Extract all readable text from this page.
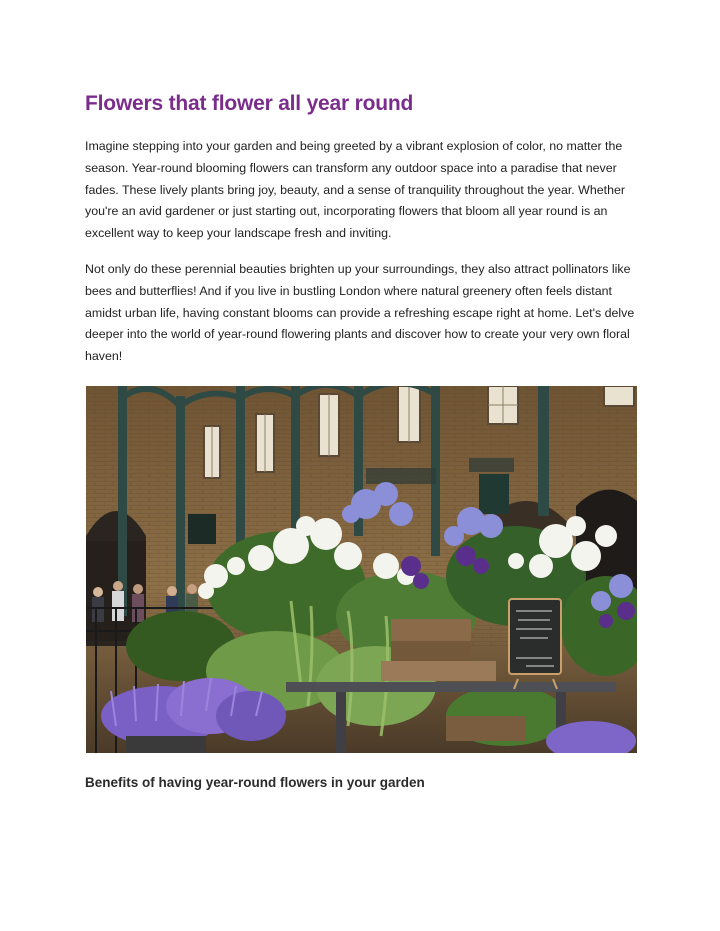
Flowers that flower all year round

Imagine stepping into your garden and being greeted by a vibrant explosion of color, no matter the season. Year-round blooming flowers can transform any outdoor space into a paradise that never fades. These lively plants bring joy, beauty, and a sense of tranquility throughout the year. Whether you're an avid gardener or just starting out, incorporating flowers that bloom all year round is an excellent way to keep your landscape fresh and inviting.

Not only do these perennial beauties brighten up your surroundings, they also attract pollinators like bees and butterflies! And if you live in bustling London where natural greenery often feels distant amidst urban life, having constant blooms can provide a refreshing escape right at home. Let's delve deeper into the world of year-round flowering plants and discover how to create your very own floral haven!

Benefits of having year-round flowers in your garden
